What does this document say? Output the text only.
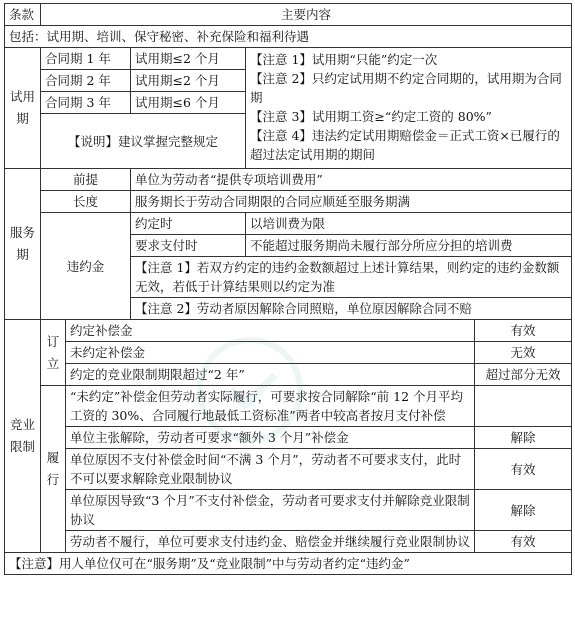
条款	主要内容				
包括：试用期、培训、保守秘密、补充保险和福利待遇					
试用期	合同期 1 年		试用期≤2 个月	【注意 1】试用期“只能”约定一次
【注意 2】只约定试用期不约定合同期的，试用期为合同期
【注意 3】试用期工资≥“约定工资的 80%”
【注意 4】违法约定试用期赔偿金＝正式工资×已履行的超过法定试用期的期间	

	合同期 2 年		试用期≤2 个月		
	合同期 3 年		试用期≤6 个月		
	【说明】建议掌握完整规定				
服务期	前提		单位为劳动者“提供专项培训费用”		
	长度		服务期长于劳动合同期限的合同应顺延至服务期满		
	违约金		约定时	以培训费为限	
			要求支付时	不能超过服务期尚未履行部分所应分担的培训费	
			【注意 1】若双方约定的违约金数额超过上述计算结果，则约定的违约金数额无效，若低于计算结果则以约定为准		
			【注意 2】劳动者原因解除合同照赔，单位原因解除合同不赔		
竞业限制	订立	约定补偿金			有效
		未约定补偿金			无效
		约定的竞业限制期限超过“2 年”			超过部分无效
	履行	“未约定”补偿金但劳动者实际履行，可要求按合同解除“前 12 个月平均工资的 30%、合同履行地最低工资标准”两者中较高者按月支付补偿			
		单位主张解除，劳动者可要求“额外 3 个月”补偿金			解除
		单位原因不支付补偿金时间“不满 3 个月”，劳动者不可要求支付，此时不可以要求解除竞业限制协议			有效
		单位原因导致“3 个月”不支付补偿金，劳动者可要求支付并解除竞业限制协议			解除
		劳动者不履行，单位可要求支付违约金、赔偿金并继续履行竞业限制协议			有效
【注意】用人单位仅可在“服务期”及“竞业限制”中与劳动者约定“违约金”					
